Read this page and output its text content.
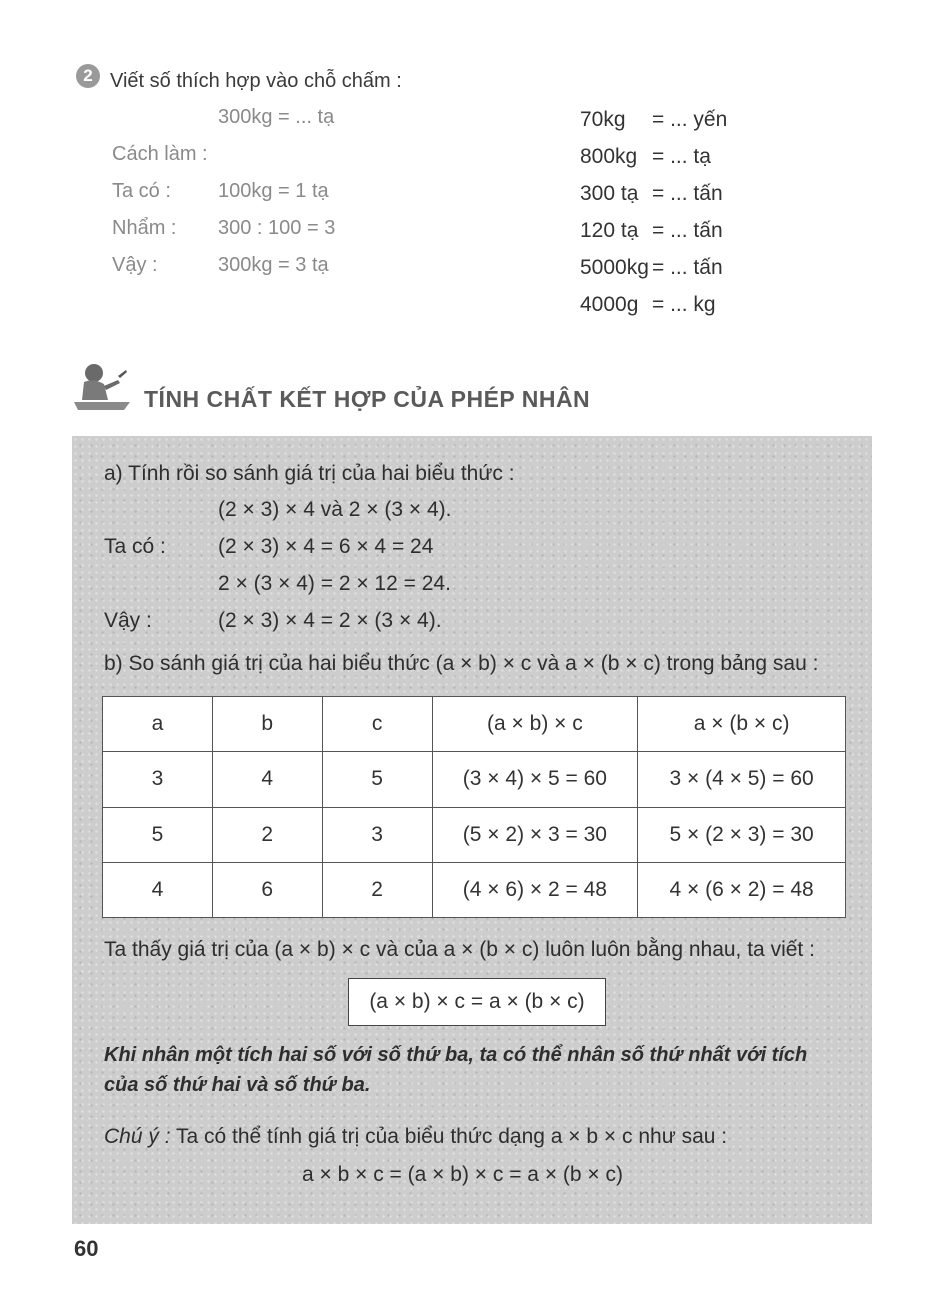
2 Viết số thích hợp vào chỗ chấm :
300kg = ... tạ
Cách làm :
Ta có : 100kg = 1 tạ
Nhẩm : 300 : 100 = 3
Vậy :	300kg = 3 tạ
70kg = ... yến
800kg = ... tạ
300 tạ = ... tấn
120 tạ = ... tấn
5000kg = ... tấn
4000g = ... kg
TÍNH CHẤT KẾT HỢP CỦA PHÉP NHÂN
a) Tính rồi so sánh giá trị của hai biểu thức :
(2 × 3) × 4 và 2 × (3 × 4).
Ta có : (2 × 3) × 4 = 6 × 4 = 24
2 × (3 × 4) = 2 × 12 = 24.
Vậy :	(2 × 3) × 4 = 2 × (3 × 4).
b) So sánh giá trị của hai biểu thức (a × b) × c và a × (b × c) trong bảng sau :
a	b	c	(a × b) × c	a × (b × c)
3	4	5	(3 × 4) × 5 = 60	3 × (4 × 5) = 60
5	2	3	(5 × 2) × 3 = 30	5 × (2 × 3) = 30
4	6	2	(4 × 6) × 2 = 48	4 × (6 × 2) = 48
Ta thấy giá trị của (a × b) × c và của a × (b × c) luôn luôn bằng nhau, ta viết :
(a × b) × c = a × (b × c)
Khi nhân một tích hai số với số thứ ba, ta có thể nhân số thứ nhất với tích
của số thứ hai và số thứ ba.
Chú ý : Ta có thể tính giá trị của biểu thức dạng a × b × c như sau :
a × b × c = (a × b) × c = a × (b × c)
60
